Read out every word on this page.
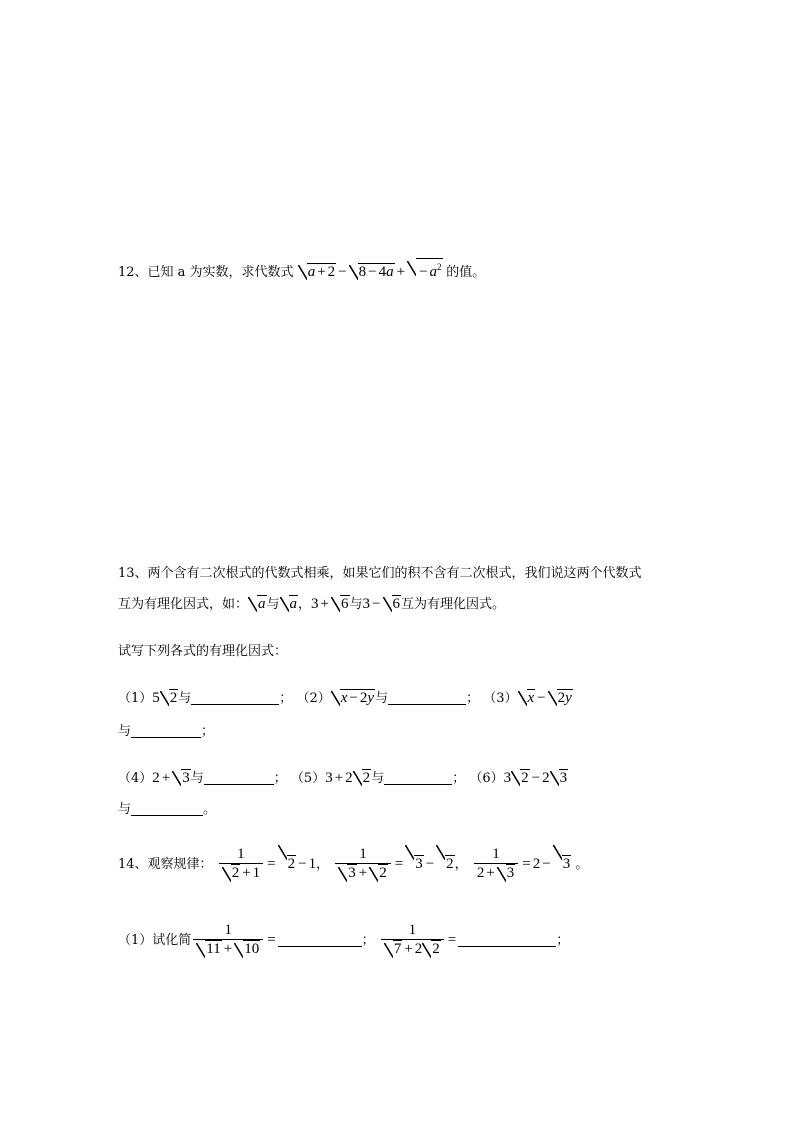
12、已知 a 为实数，求代数式 a + 2 − 8 − 4a + − $a^2$ 的值。
13、两个含有二次根式的代数式相乘，如果它们的积不含有二次根式，我们说这两个代数式
互为有理化因式，如： a与 a，3 + 6与3 − 6互为有理化因式。
试写下列各式的有理化因式：
（1）5 2与	； （2） x − 2y与	； （3） x − 2y
与	；
（4）2 + 3与	； （5）3 + 2 2与	； （6）3 2 − 2 3
与	。
14、观察规律： $\frac{1}{2 + 1} = 2 - 1$， $\frac{1}{3 + 2} = 3 - 2$， $\frac{1}{2 + 3} = 2 - 3$ 。
（1）试化简 $\frac{1}{11 + 10}$ =	； $\frac{1}{7 + 2 2}$ =	；
